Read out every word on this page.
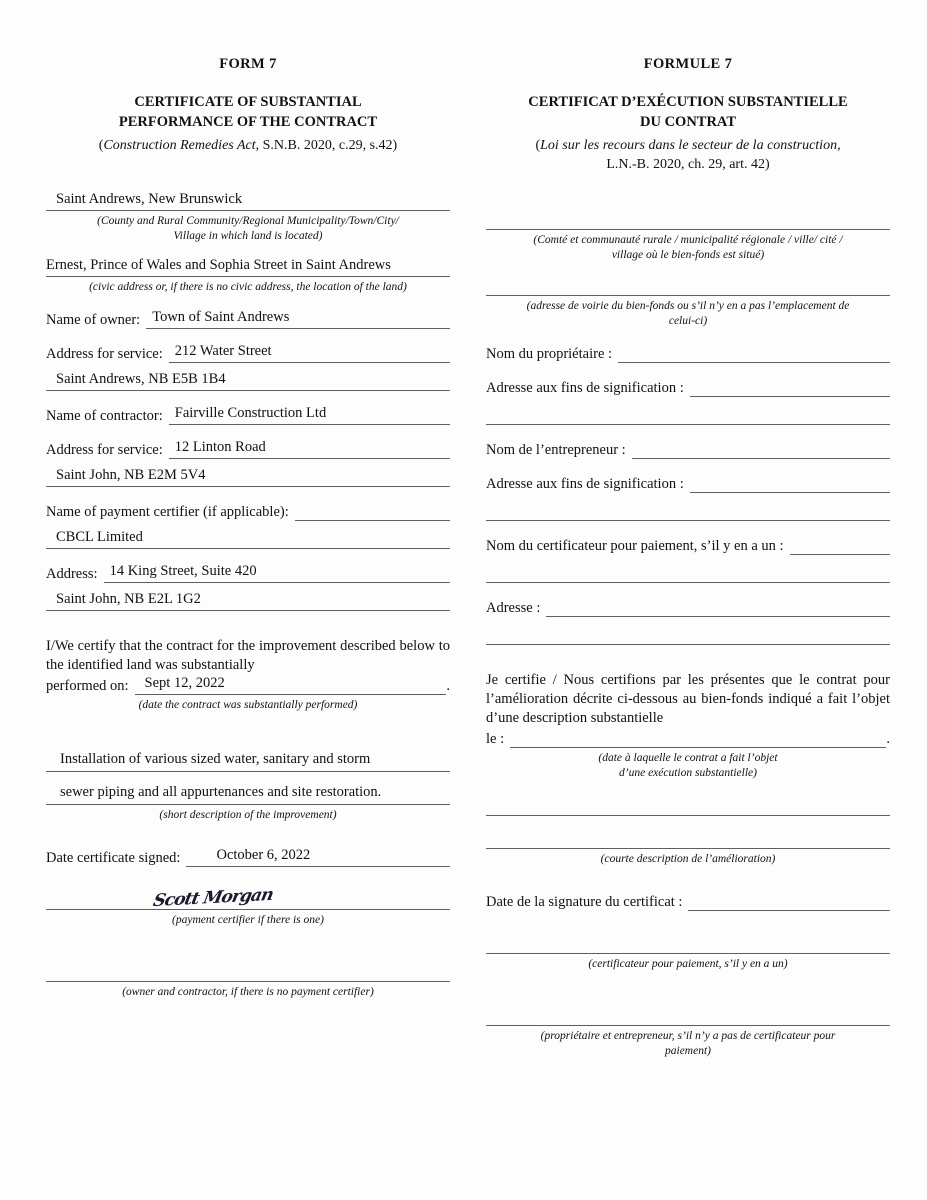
FORM 7
CERTIFICATE OF SUBSTANTIAL
PERFORMANCE OF THE CONTRACT
(Construction Remedies Act, S.N.B. 2020, c.29, s.42)
Saint Andrews, New Brunswick
(County and Rural Community/Regional Municipality/Town/City/
Village in which land is located)
Ernest, Prince of Wales and Sophia Street in Saint Andrews
(civic address or, if there is no civic address, the location of the land)
Name of owner: Town of Saint Andrews
Address for service: 212 Water Street
Saint Andrews, NB E5B 1B4
Name of contractor: Fairville Construction Ltd
Address for service: 12 Linton Road
Saint John, NB E2M 5V4
Name of payment certifier (if applicable):
CBCL Limited
Address: 14 King Street, Suite 420
Saint John, NB E2L 1G2
I/We certify that the contract for the improvement described below to the identified land was substantially
performed on:	Sept 12, 2022	.
(date the contract was substantially performed)
Installation of various sized water, sanitary and storm
sewer piping and all appurtenances and site restoration.
(short description of the improvement)
Date certificate signed:	October 6, 2022
Scott Morgan
(payment certifier if there is one)
(owner and contractor, if there is no payment certifier)
FORMULE 7
CERTIFICAT D’EXÉCUTION SUBSTANTIELLE
DU CONTRAT
(Loi sur les recours dans le secteur de la construction,
L.N.-B. 2020, ch. 29, art. 42)
(Comté et communauté rurale / municipalité régionale / ville/ cité /
village où le bien-fonds est situé)
(adresse de voirie du bien-fonds ou s’il n’y en a pas l’emplacement de
celui-ci)
Nom du propriétaire :
Adresse aux fins de signification :
Nom de l’entrepreneur :
Adresse aux fins de signification :
Nom du certificateur pour paiement, s’il y en a un :
Adresse :
Je certifie / Nous certifions par les présentes que le contrat pour l’amélioration décrite ci-dessous au bien-fonds indiqué a fait l’objet d’une description substantielle
le :	.
(date à laquelle le contrat a fait l’objet
d’une exécution substantielle)
(courte description de l’amélioration)
Date de la signature du certificat :
(certificateur pour paiement, s’il y en a un)
(propriétaire et entrepreneur, s’il n’y a pas de certificateur pour
paiement)
